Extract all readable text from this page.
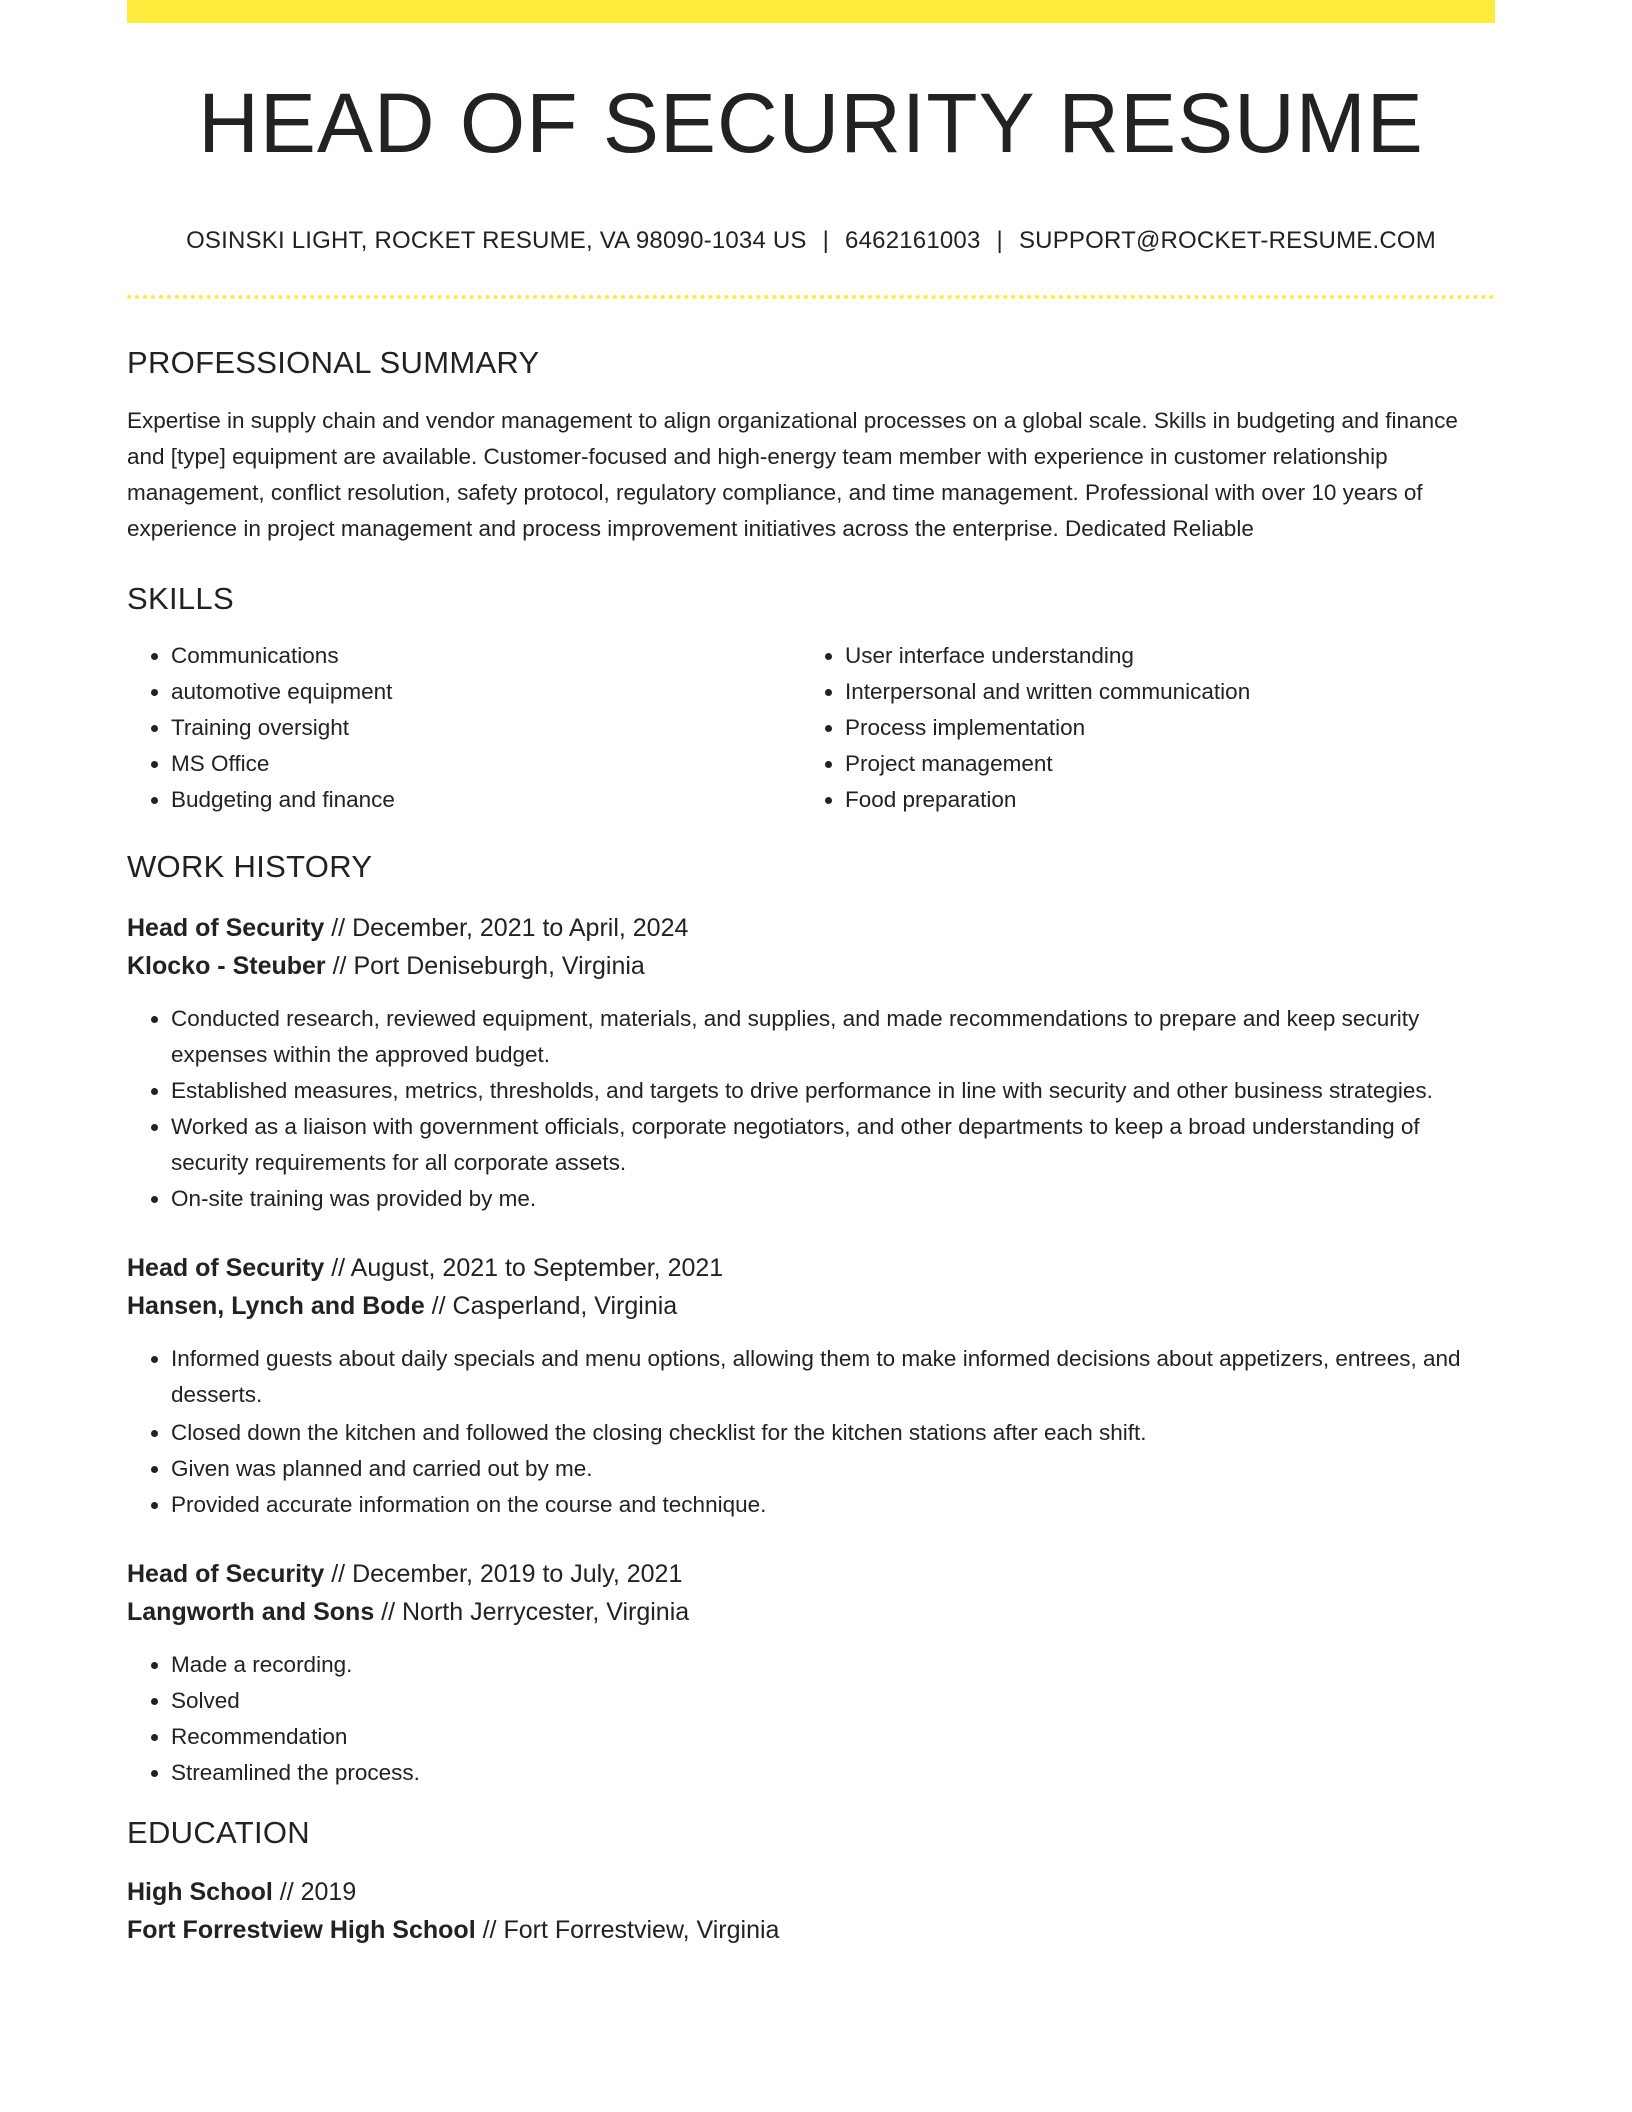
HEAD OF SECURITY RESUME
OSINSKI LIGHT, ROCKET RESUME, VA 98090-1034 US | 6462161003 | SUPPORT@ROCKET-RESUME.COM
PROFESSIONAL SUMMARY
Expertise in supply chain and vendor management to align organizational processes on a global scale. Skills in budgeting and finance and [type] equipment are available. Customer-focused and high-energy team member with experience in customer relationship management, conflict resolution, safety protocol, regulatory compliance, and time management. Professional with over 10 years of experience in project management and process improvement initiatives across the enterprise. Dedicated Reliable
SKILLS
• Communications
• automotive equipment
• Training oversight
• MS Office
• Budgeting and finance
• User interface understanding
• Interpersonal and written communication
• Process implementation
• Project management
• Food preparation
WORK HISTORY
Head of Security // December, 2021 to April, 2024
Klocko - Steuber // Port Deniseburgh, Virginia
• Conducted research, reviewed equipment, materials, and supplies, and made recommendations to prepare and keep security expenses within the approved budget.
• Established measures, metrics, thresholds, and targets to drive performance in line with security and other business strategies.
• Worked as a liaison with government officials, corporate negotiators, and other departments to keep a broad understanding of security requirements for all corporate assets.
• On-site training was provided by me.
Head of Security // August, 2021 to September, 2021
Hansen, Lynch and Bode // Casperland, Virginia
• Informed guests about daily specials and menu options, allowing them to make informed decisions about appetizers, entrees, and desserts.
• Closed down the kitchen and followed the closing checklist for the kitchen stations after each shift.
• Given was planned and carried out by me.
• Provided accurate information on the course and technique.
Head of Security // December, 2019 to July, 2021
Langworth and Sons // North Jerrycester, Virginia
• Made a recording.
• Solved
• Recommendation
• Streamlined the process.
EDUCATION
High School // 2019
Fort Forrestview High School // Fort Forrestview, Virginia
